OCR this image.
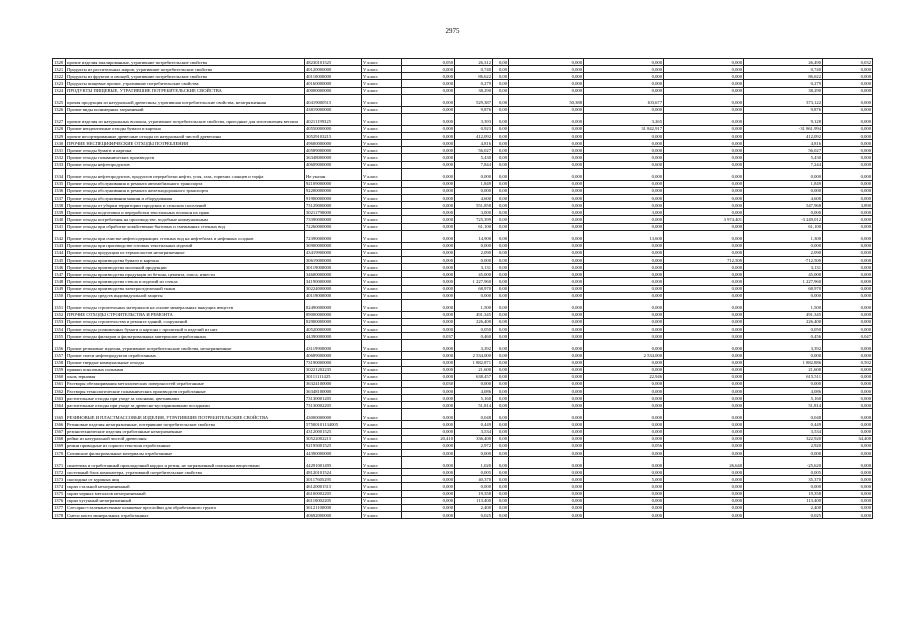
2975
1320	прочие изделия эмалированные, утратившие потребительские свойства	48230101525	V класс	0,050	26,312	0,00	0,000	0,000	0,000	26,490	0,032
1321	Продукты из растительных жиров, утратившие потребительские свойства	40120000000	V класс	0,000	0,740	0,00	0,000	0,000	0,000	0,740	0,000
1322	Продукты из фруктов и овощей, утратившие потребительские свойства	40110000000	V класс	0,000	86,622	0,00	0,000	0,000	0,000	86,622	0,000
1323	Продукты пищевые прочие, утратившие потребительские свойства	40160000000	V класс	0,000	0,279	0,00	0,000	0,000	0,000	0,279	0,000
1324	ПРОДУКТЫ ПИЩЕВЫЕ, УТРАТИВШИЕ ПОТРЕБИТЕЛЬСКИЕ СВОЙСТВА	40000000000	V класс	0,000	38,290	0,00	0,000	0,000	0,000	38,290	0,000
1325	прочая продукция из натуральной древесины, утратившая потребительские свойства, незагрязненная	40419000515	V класс	0,000	529,387	0,00	50,388	103,677	0,000	373,122	0,000
1326	Прочие виды полимерных загрязнений	43819000000	V класс	0,000	9,876	0,00	0,000	0,000	0,000	9,876	0,000
1327	прочие изделия из натуральных волокон, утратившие потребительские свойства, пригодные для изготовления ветоши	40211199325	V класс	0,000	3,393	0,00	0,000	3,265	0,000	9,128	0,000
1328	Прочие неидентичные отходы бумаги и картона	40550000000	V класс	0,000	0,923	0,00	0,000	31 842,917	0,000	-31 861,994	0,000
1329	прочие несортированные древесные отходы из натуральной чистой древесины	30529103215	V класс	0,000	412,092	0,00	0,000	0,000	0,000	412,092	0,000
1330	ПРОЧИЕ НЕСПЕЦИФИЧЕСКИЕ ОТХОДЫ ПОТРЕБЛЕНИЯ	49600000000	V класс	0,000	4,816	0,00	0,000	0,000	0,000	4,816	0,000
1331	Прочие отходы бумаги и картона	40589000000	V класс	0,000	56,027	0,00	0,000	0,000	0,000	56,027	0,000
1332	Прочие отходы гальванических производств	36348000000	V класс	0,000	5,430	0,00	0,000	0,000	0,000	5,430	0,000
1333	Прочие отходы нефтепродуктов	40609000000	V класс	0,000	7,844	0,00	0,000	0,600	0,000	7,244	0,000
1334	Прочие отходы нефтепродуктов, продуктов переработки нефти, угля, газа, горючих сланцев и торфа	Не указан	V класс	0,000	0,000	0,00	0,000	0,000	0,000	0,000	0,000
1335	Прочие отходы обслуживания и ремонта автомобильного транспорта	92109000000	V класс	0,000	1,849	0,00	0,000	0,000	0,000	1,849	0,000
1336	Прочие отходы обслуживания и ремонта железнодорожного транспорта	92200000000	V класс	0,000	0,000	0,00	0,000	0,000	0,000	0,000	0,000
1337	Прочие отходы обслуживания машин и оборудования	91900000000	V класс	0,000	4,600	0,00	0,000	0,000	0,000	4,600	0,000
1338	Прочие отходы от уборки территории городских и сельских поселений	73129000000	V класс	0,000	551,858	0,00	0,000	0,000	0,000	547,968	3,890
1339	Прочие отходы подготовки и переработки текстильных волокон их пряж	30211790000	V класс	0,000	3,000	0,00	0,000	3,000	0,000	0,000	0,000
1340	Прочие отходы потребления на производстве, подобные коммунальным	73390000000	V класс	0,000	725,399	0,00	0,000	0,000	3 974,401	-3 249,012	0,000
1341	Прочие отходы при обработке хозяйственно-бытовых и смешанных сточных вод	72260000000	V класс	0,000	61,100	0,00	0,000	0,000	0,000	61,100	0,000
1342	Прочие отходы при очистке нефтесодержащих сточных вод на нефтебазах и нефтяных осадков	72390000000	V класс	0,000	14,900	0,00	0,000	13,600	0,000	1,300	0,000
1343	Прочие отходы при производстве готовых текстильных изделий	36900000000	V класс	0,000	0,000	0,00	0,000	0,000	0,000	0,000	0,000
1344	Прочие отходы продукции из термопластов незагрязненные	43419900000	V класс	0,000	2,090	0,00	0,000	0,000	0,000	2,090	0,000
1345	Прочие отходы производства бумаги и картона	30619000000	V класс	0,000	0,000	0,00	0,000	0,000	712,500	-712,500	0,000
1346	Прочие отходы производства молочной продукции	30119000000	V класс	0,000	3,131	0,00	0,000	0,000	0,000	3,131	0,000
1347	Прочие отходы производства продукции из бетона, цемента, гипса, извести	34600000000	V класс	0,000	45,000	0,00	0,000	0,000	0,000	45,000	0,000
1348	Прочие отходы производства стекла и изделий из стекла	34190000000	V класс	0,000	1 227,960	0,00	0,000	0,000	0,000	1 227,960	0,000
1349	Прочие отходы производства электроотделочной ткани	30224000000	V класс	0,000	68,970	0,00	0,000	0,000	0,000	68,970	0,000
1350	Прочие отходы средств индивидуальной защиты	40119000000	V класс	0,000	0,000	0,00	0,000	0,000	0,000	0,000	0,000
1351	Прочие отходы строительных материалов на основе минеральных вяжущих веществ	82490000000	V класс	0,000	1,500	0,00	0,000	0,000	0,000	1,500	0,000
1352	ПРОЧИЕ ОТХОДЫ СТРОИТЕЛЬСТВА И РЕМОНТА	89000000000	V класс	0,000	491,345	0,00	0,000	0,000	0,000	491,345	0,000
1353	Прочие отходы строительства и ремонта зданий, сооружений	82900000000	V класс	0,000	226,400	0,00	0,000	0,000	0,000	226,400	0,000
1354	Прочие отходы упаковочных бумаги и картона с пропиткой и изделий из них	40520000000	V класс	0,000	0,050	0,00	0,000	0,000	0,000	0,050	0,000
1355	Прочие отходы фильтров и фильтровальных материалов отработанных	44390000000	V класс	0,037	0,460	0,00	0,000	0,000	0,000	0,456	0,047
1356	Прочие резиновые изделия, утратившие потребительские свойства, незагрязненные	43119900000	V класс	0,000	3,392	0,00	0,000	0,000	0,000	3,392	0,000
1357	Прочие смеси нефтепродуктов отработанных	40689000000	V класс	0,000	2 534,000	0,00	0,000	2 534,000	0,000	0,000	0,000
1358	Прочие твердые коммунальные отходы	73190000000	V класс	0,000	1 882,871	0,00	0,000	0,000	0,000	1 882,886	0,592
1359	пряжки поясочных полными	30221202235	V класс	0,000	21,600	0,00	0,000	0,000	0,000	21,600	0,000
1360	пыль зерновая	30111111425	V класс	0,000	638,457	0,00	0,000	22,946	0,000	615,511	0,000
1361	Растворы обезжиривания металлических поверхностей отработанные	36324100000	V класс	0,030	0,000	0,00	0,000	0,000	0,000	0,000	0,000
1362	Растворы технологические гальванических производств отработанные	36348100000	V класс	0,000	4,086	0,00	0,000	0,000	0,000	4,086	0,000
1363	растительные отходы при уходе за газонами, цветниками	73130001205	V класс	0,000	5,160	0,00	0,000	0,000	0,000	5,160	0,000
1364	растительные отходы при уходе за древесно-кустарниковыми посадками	73130002205	V класс	0,000	51,814	0,00	0,000	0,000	0,000	51,814	0,000
1365	РЕЗИНОВЫЕ И ПЛАСТМАССОВЫЕ ИЗДЕЛИЯ, УТРАТИВШИЕ ПОТРЕБИТЕЛЬСКИЕ СВОЙСТВА	43000000000	V класс	0,000	0,048	0,00	0,000	0,000	0,000	0,048	0,000
1366	Резиновые изделия незагрязненные, потерявшие потребительские свойства	57500101134005	V класс	0,000	0,449	0,00	0,000	0,000	0,000	0,449	0,000
1367	резинотехнические изделия отработанные незагрязненные	43120001525	V класс	0,000	3,534	0,00	0,000	0,000	0,000	3,534	0,000
1368	рейки из натуральной чистой древесины	30522002215	V класс	20,410	336,400	0,00	0,000	0,000	0,000	322,920	34,400
1369	ремни приводные из сорного текстиля отработанные	92195001525	V класс	0,000	2,972	0,00	0,000	0,056	0,000	2,920	0,000
1370	Ситивские фильтровальные материалы отработанные	44390000000	V класс	0,000	0,000	0,00	0,000	0,000	0,000	0,000	0,000
1371	синтетика и отработанный прокладочный кордол и резин, не загрязненный опасными веществами	44291001495	V класс	0,000	1,020	0,00	0,000	0,000	26,640	-25,620	0,000
1372	системный блок компьютера, утративший потребительские свойства	48120101524	V класс	0,000	0,005	0,00	0,000	0,000	0,000	0,005	0,000
1373	скоподина от куриных яиц	30117605295	V класс	0,000	40,370	0,00	0,000	5,000	0,000	35,370	0,000
1374	скрап стальной незагрязненный	46120001515	V класс	0,000	0,000	0,00	0,000	0,000	0,000	0,000	0,000
1375	скрап черных металлов незагрязненный	46100002205	V класс	0,000	19,358	0,00	0,000	0,000	0,000	19,358	0,000
1376	скрап чугунный незагрязненный	46110002205	V класс	0,000	113,400	0,00	0,000	0,000	0,000	113,400	0,000
1377	Слесарно-сталенанесенные шлаковые прослойки для обработанного грунта	36121100000	V класс	0,000	2,400	0,00	0,000	0,000	0,000	2,400	0,000
1378	Смеси масел минеральных отработанных	40692000000	V класс	0,000	0,025	0,00	0,000	0,000	0,000	0,025	0,000
